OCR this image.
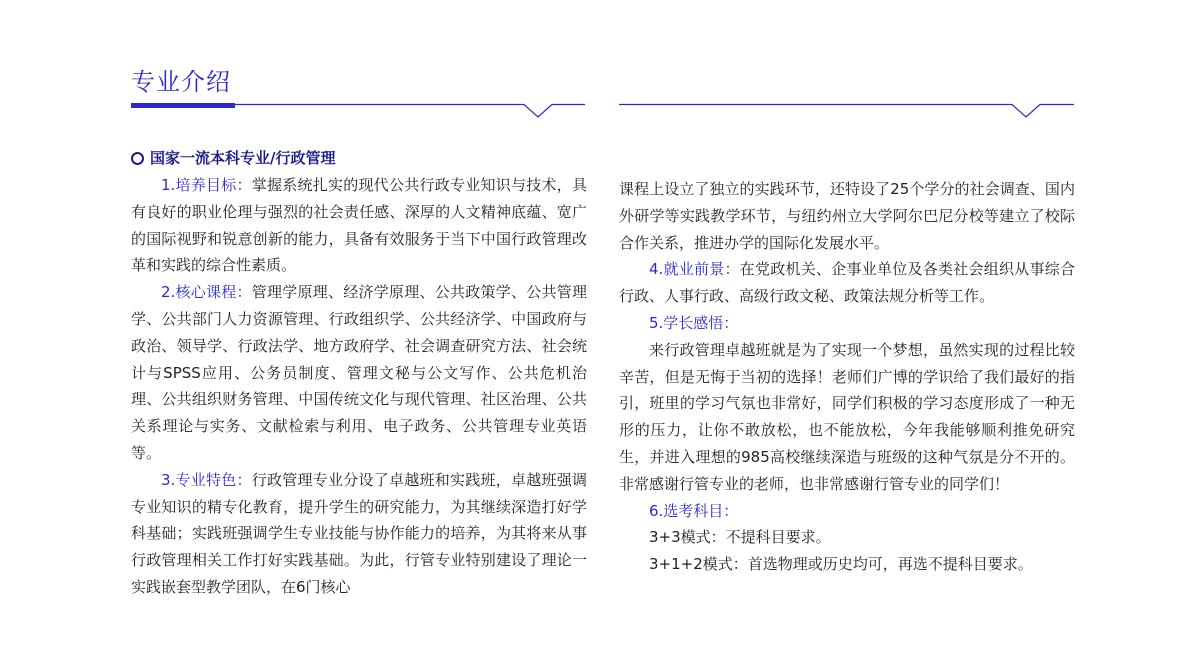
专业介绍
国家一流本科专业/行政管理

1.培养目标：掌握系统扎实的现代公共行政专业知识与技术，具有良好的职业伦理与强烈的社会责任感、深厚的人文精神底蕴、宽广的国际视野和锐意创新的能力，具备有效服务于当下中国行政管理改革和实践的综合性素质。

2.核心课程：管理学原理、经济学原理、公共政策学、公共管理学、公共部门人力资源管理、行政组织学、公共经济学、中国政府与政治、领导学、行政法学、地方政府学、社会调查研究方法、社会统计与SPSS应用、公务员制度、管理文秘与公文写作、公共危机治理、公共组织财务管理、中国传统文化与现代管理、社区治理、公共关系理论与实务、文献检索与利用、电子政务、公共管理专业英语等。

3.专业特色：行政管理专业分设了卓越班和实践班，卓越班强调专业知识的精专化教育，提升学生的研究能力，为其继续深造打好学科基础；实践班强调学生专业技能与协作能力的培养，为其将来从事行政管理相关工作打好实践基础。为此，行管专业特别建设了理论一实践嵌套型教学团队，在6门核心

课程上设立了独立的实践环节，还特设了25个学分的社会调查、国内外研学等实践教学环节，与纽约州立大学阿尔巴尼分校等建立了校际合作关系，推进办学的国际化发展水平。

4.就业前景：在党政机关、企事业单位及各类社会组织从事综合行政、人事行政、高级行政文秘、政策法规分析等工作。

5.学长感悟：

来行政管理卓越班就是为了实现一个梦想，虽然实现的过程比较辛苦，但是无悔于当初的选择！老师们广博的学识给了我们最好的指引，班里的学习气氛也非常好，同学们积极的学习态度形成了一种无形的压力，让你不敢放松，也不能放松，今年我能够顺利推免研究生，并进入理想的985高校继续深造与班级的这种气氛是分不开的。非常感谢行管专业的老师，也非常感谢行管专业的同学们！

6.选考科目：

3+3模式：不提科目要求。

3+1+2模式：首选物理或历史均可，再选不提科目要求。
